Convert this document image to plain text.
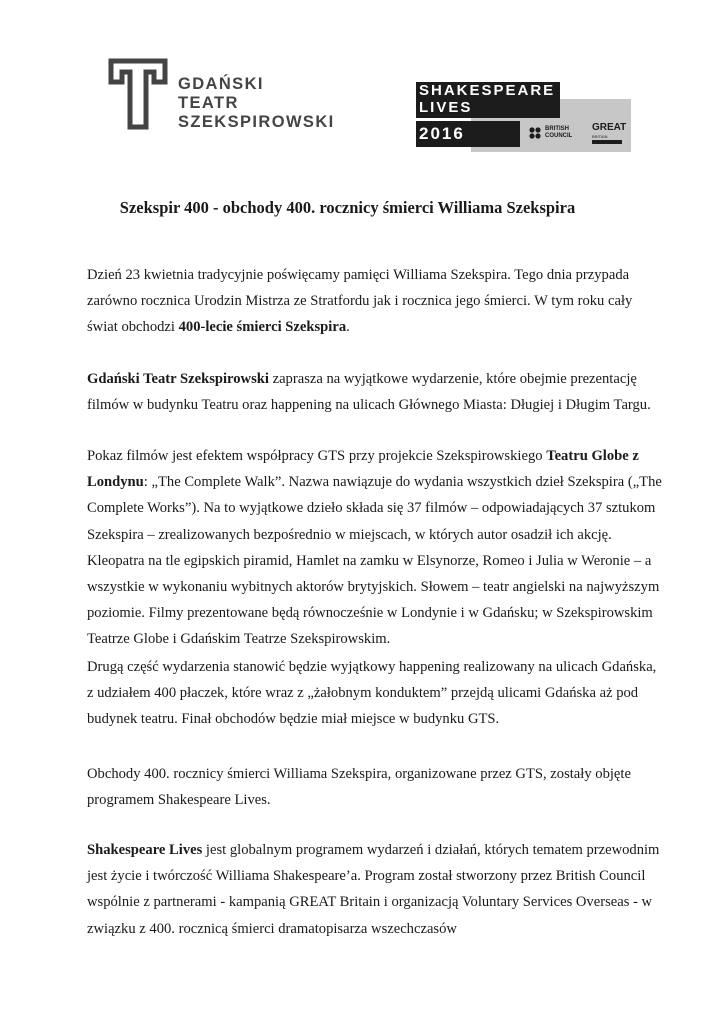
GDAŃSKI
TEATR
SZEKSPIROWSKI	BRITISH COUNCIL
GREAT
BRITAIN
SHAKESPEARE
LIVES
2016
Szekspir 400 - obchody 400. rocznicy śmierci Williama Szekspira

Dzień 23 kwietnia tradycyjnie poświęcamy pamięci Williama Szekspira. Tego dnia przypada zarówno rocznica Urodzin Mistrza ze Stratfordu jak i rocznica jego śmierci. W tym roku cały świat obchodzi 400-lecie śmierci Szekspira.

Gdański Teatr Szekspirowski zaprasza na wyjątkowe wydarzenie, które obejmie prezentację filmów w budynku Teatru oraz happening na ulicach Głównego Miasta: Długiej i Długim Targu.

Pokaz filmów jest efektem współpracy GTS przy projekcie Szekspirowskiego Teatru Globe z Londynu: „The Complete Walk”. Nazwa nawiązuje do wydania wszystkich dzieł Szekspira („The Complete Works”). Na to wyjątkowe dzieło składa się 37 filmów – odpowiadających 37 sztukom Szekspira – zrealizowanych bezpośrednio w miejscach, w których autor osadził ich akcję. Kleopatra na tle egipskich piramid, Hamlet na zamku w Elsynorze, Romeo i Julia w Weronie – a wszystkie w wykonaniu wybitnych aktorów brytyjskich. Słowem – teatr angielski na najwyższym poziomie. Filmy prezentowane będą równocześnie w Londynie i w Gdańsku; w Szekspirowskim Teatrze Globe i Gdańskim Teatrze Szekspirowskim.

Drugą część wydarzenia stanowić będzie wyjątkowy happening realizowany na ulicach Gdańska, z udziałem 400 płaczek, które wraz z „żałobnym konduktem” przejdą ulicami Gdańska aż pod budynek teatru. Finał obchodów będzie miał miejsce w budynku GTS.

Obchody 400. rocznicy śmierci Williama Szekspira, organizowane przez GTS, zostały objęte programem Shakespeare Lives.

Shakespeare Lives jest globalnym programem wydarzeń i działań, których tematem przewodnim jest życie i twórczość Williama Shakespeare’a. Program został stworzony przez British Council wspólnie z partnerami - kampanią GREAT Britain i organizacją Voluntary Services Overseas - w związku z 400. rocznicą śmierci dramatopisarza wszechczasów
